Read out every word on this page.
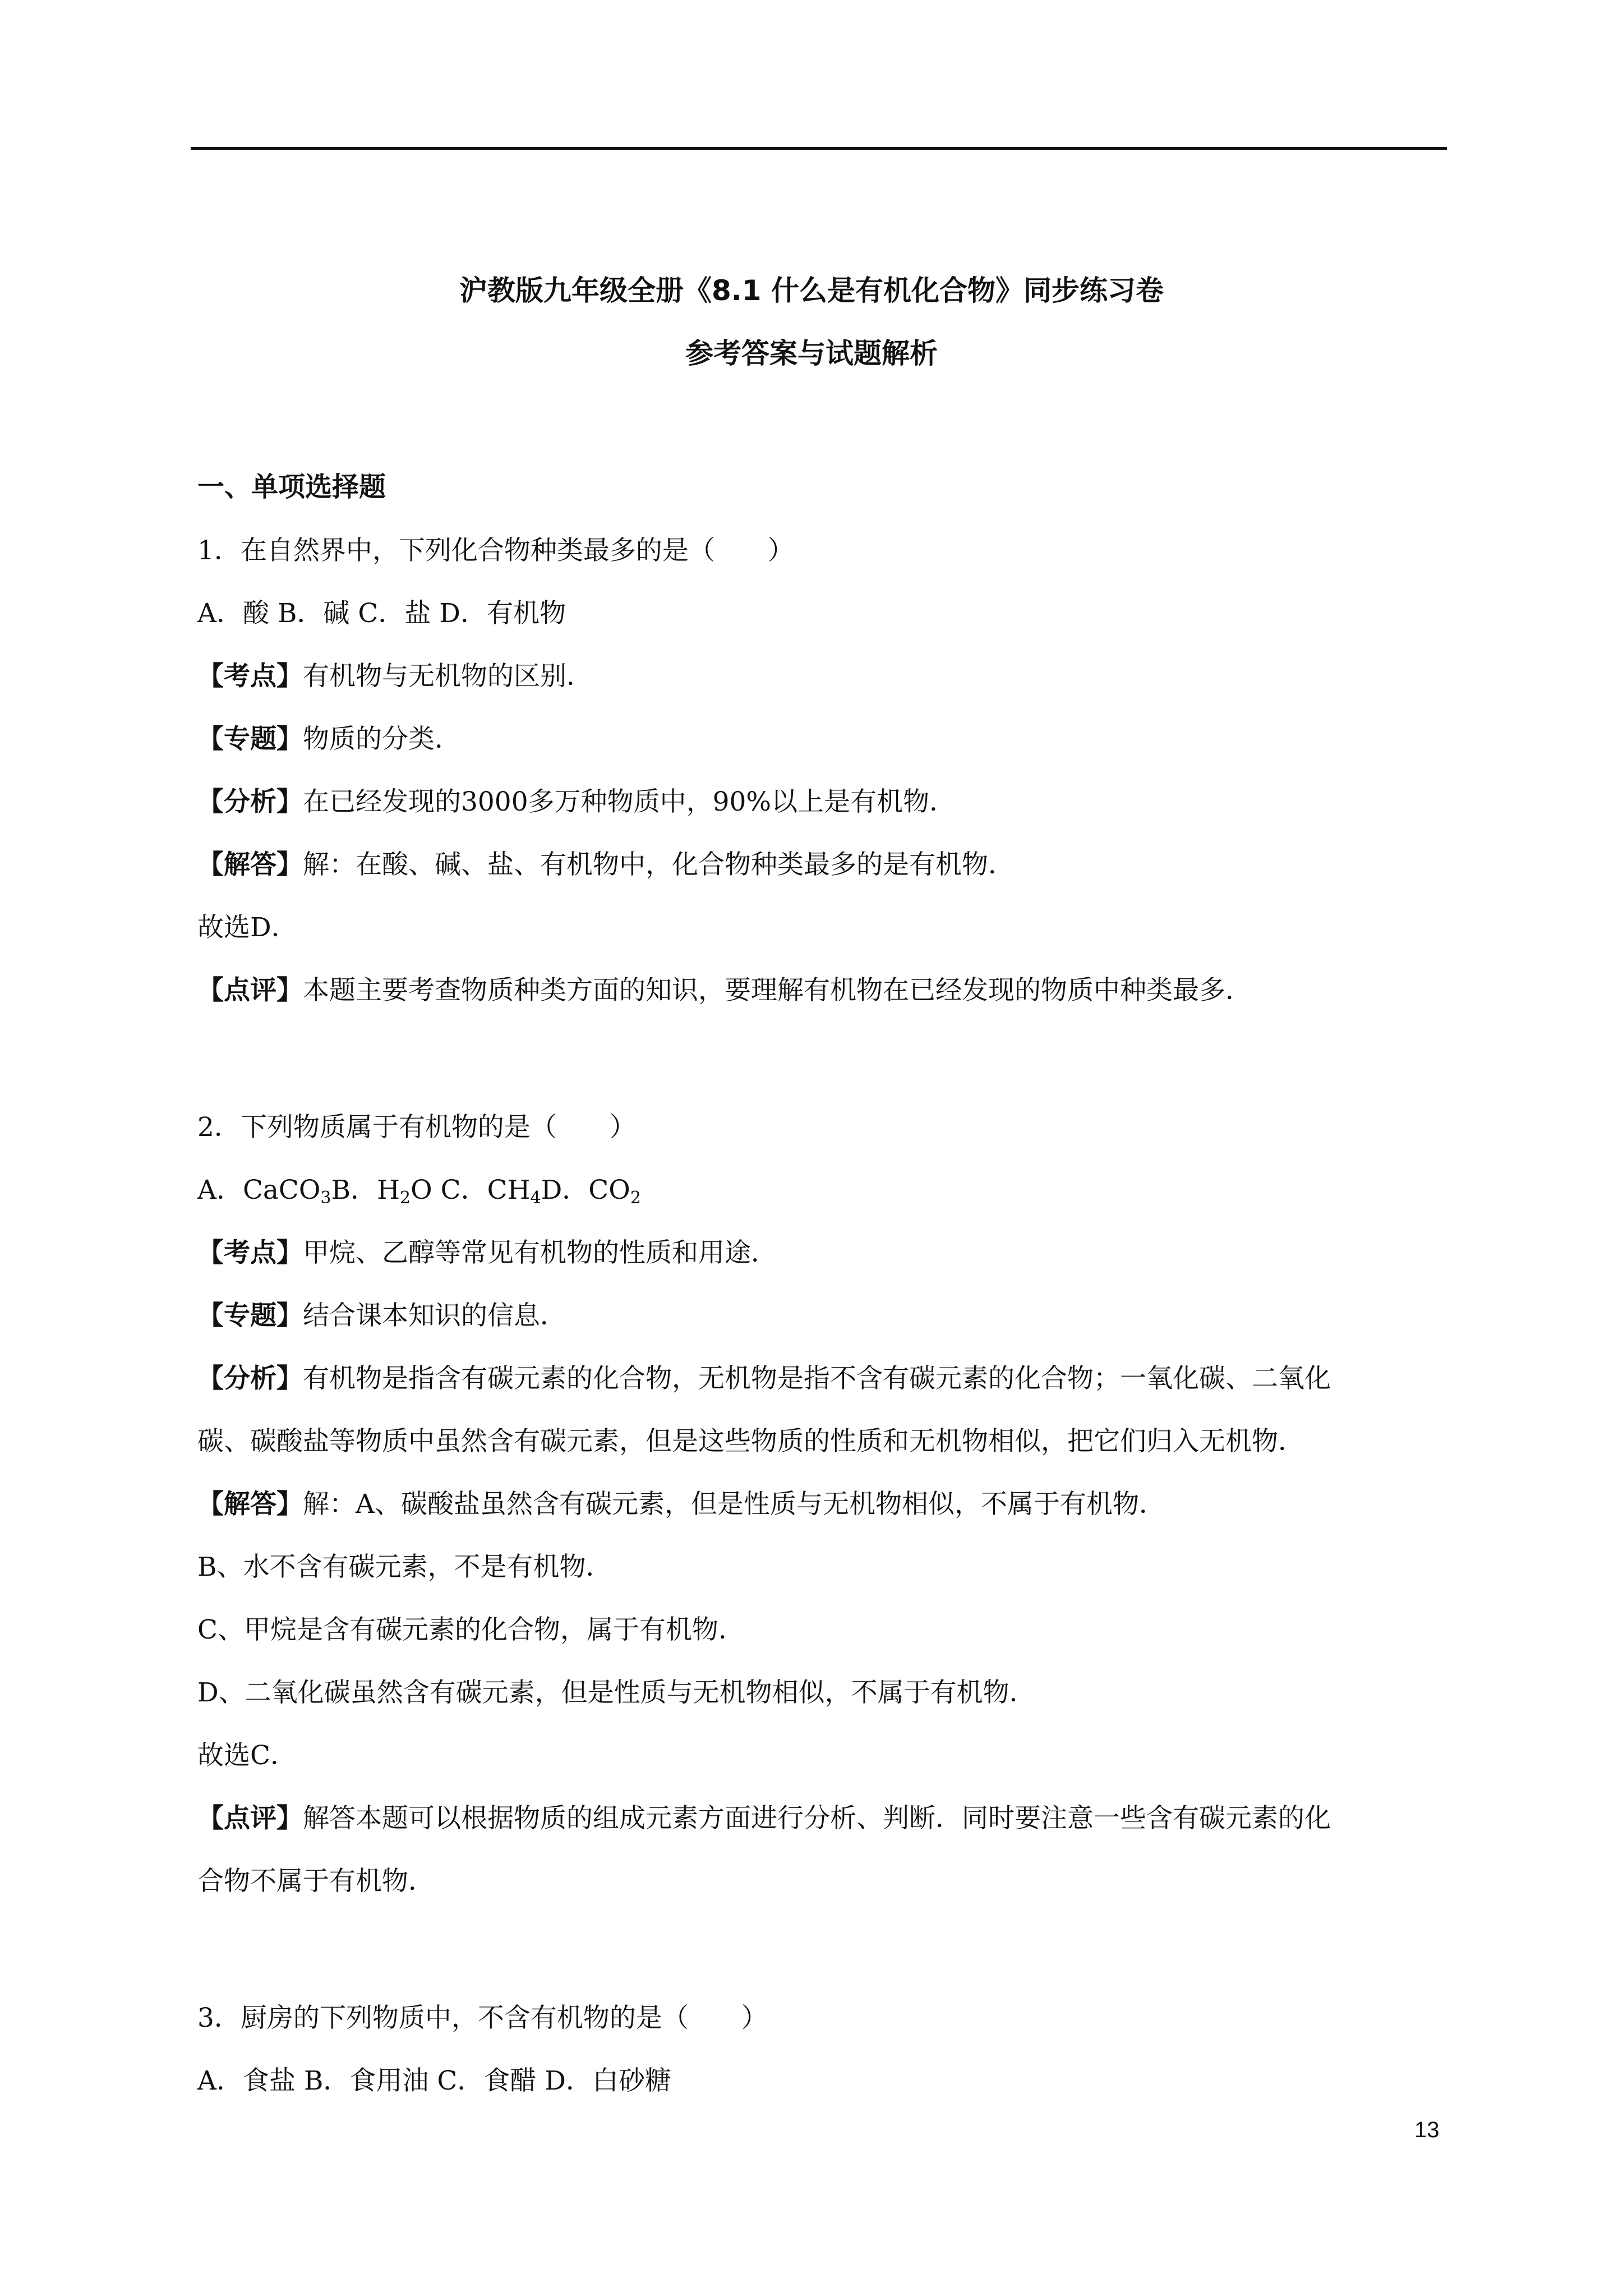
沪教版九年级全册《8.1 什么是有机化合物》同步练习卷
参考答案与试题解析
一、单项选择题
1．在自然界中，下列化合物种类最多的是（　　）
A．酸 B．碱 C．盐 D．有机物
【考点】有机物与无机物的区别．
【专题】物质的分类．
【分析】在已经发现的3000多万种物质中，90%以上是有机物．
【解答】解：在酸、碱、盐、有机物中，化合物种类最多的是有机物．
故选D．
【点评】本题主要考查物质种类方面的知识，要理解有机物在已经发现的物质中种类最多．
2．下列物质属于有机物的是（　　）
A．CaCO$_3$B．$H_2O$ C．$CH_4D$．$CO_2$
【考点】甲烷、乙醇等常见有机物的性质和用途．
【专题】结合课本知识的信息．
【分析】有机物是指含有碳元素的化合物，无机物是指不含有碳元素的化合物；一氧化碳、二氧化
碳、碳酸盐等物质中虽然含有碳元素，但是这些物质的性质和无机物相似，把它们归入无机物．
【解答】解：A、碳酸盐虽然含有碳元素，但是性质与无机物相似，不属于有机物．
B、水不含有碳元素，不是有机物．
C、甲烷是含有碳元素的化合物，属于有机物．
D、二氧化碳虽然含有碳元素，但是性质与无机物相似，不属于有机物．
故选C．
【点评】解答本题可以根据物质的组成元素方面进行分析、判断．同时要注意一些含有碳元素的化
合物不属于有机物．
3．厨房的下列物质中，不含有机物的是（　　）
A．食盐 B．食用油 C．食醋 D．白砂糖
13
